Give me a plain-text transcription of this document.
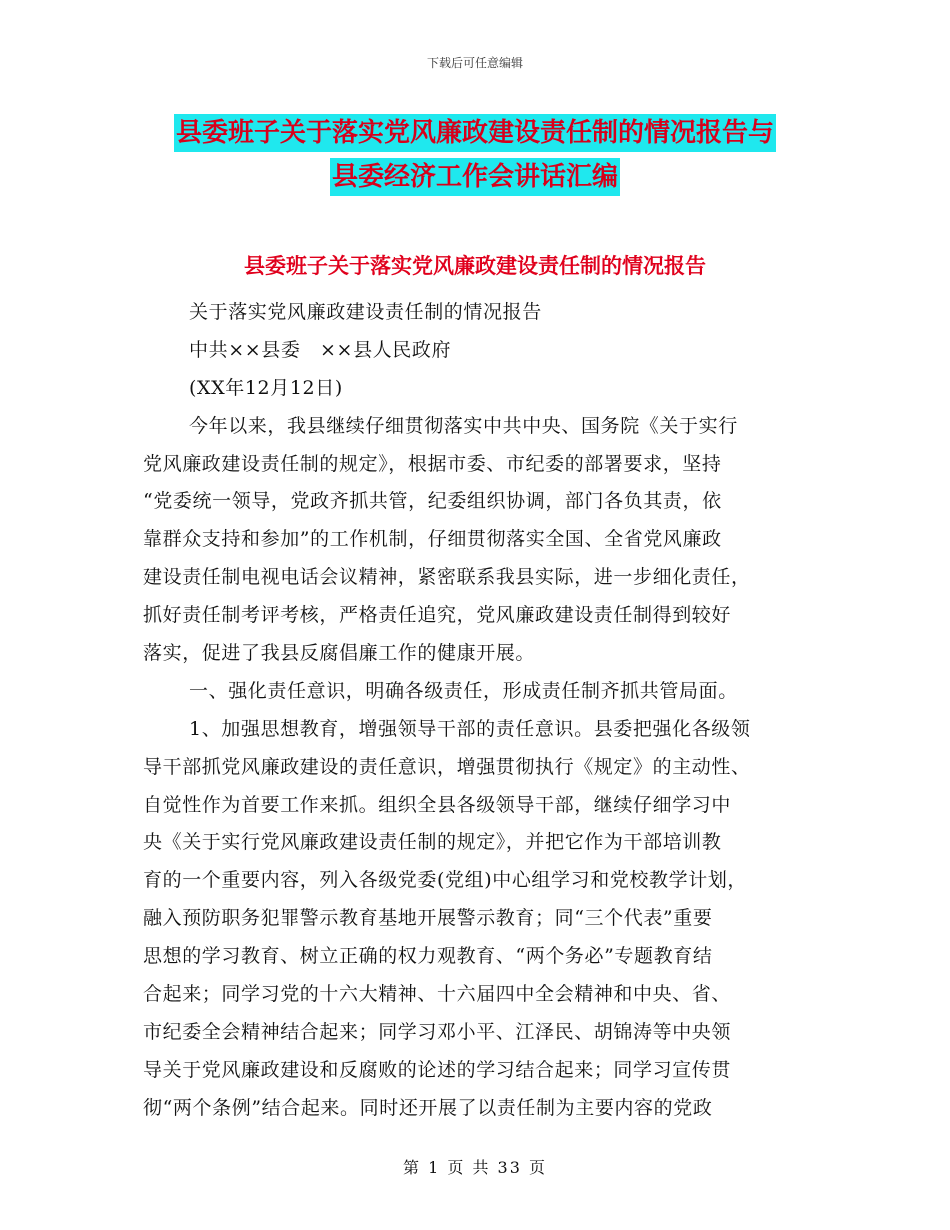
下载后可任意编辑
县委班子关于落实党风廉政建设责任制的情况报告与
县委经济工作会讲话汇编
县委班子关于落实党风廉政建设责任制的情况报告
关于落实党风廉政建设责任制的情况报告
中共××县委　××县人民政府
(XX年12月12日)
今年以来，我县继续仔细贯彻落实中共中央、国务院《关于实行
党风廉政建设责任制的规定》，根据市委、市纪委的部署要求，坚持
“党委统一领导，党政齐抓共管，纪委组织协调，部门各负其责，依
靠群众支持和参加”的工作机制，仔细贯彻落实全国、全省党风廉政
建设责任制电视电话会议精神，紧密联系我县实际，进一步细化责任，
抓好责任制考评考核，严格责任追究，党风廉政建设责任制得到较好
落实，促进了我县反腐倡廉工作的健康开展。
一、强化责任意识，明确各级责任，形成责任制齐抓共管局面。
1、加强思想教育，增强领导干部的责任意识。县委把强化各级领
导干部抓党风廉政建设的责任意识，增强贯彻执行《规定》的主动性、
自觉性作为首要工作来抓。组织全县各级领导干部，继续仔细学习中
央《关于实行党风廉政建设责任制的规定》，并把它作为干部培训教
育的一个重要内容，列入各级党委(党组)中心组学习和党校教学计划，
融入预防职务犯罪警示教育基地开展警示教育；同“三个代表”重要
思想的学习教育、树立正确的权力观教育、“两个务必”专题教育结
合起来；同学习党的十六大精神、十六届四中全会精神和中央、省、
市纪委全会精神结合起来；同学习邓小平、江泽民、胡锦涛等中央领
导关于党风廉政建设和反腐败的论述的学习结合起来；同学习宣传贯
彻“两个条例”结合起来。同时还开展了以责任制为主要内容的党政
第 1 页 共 33 页
